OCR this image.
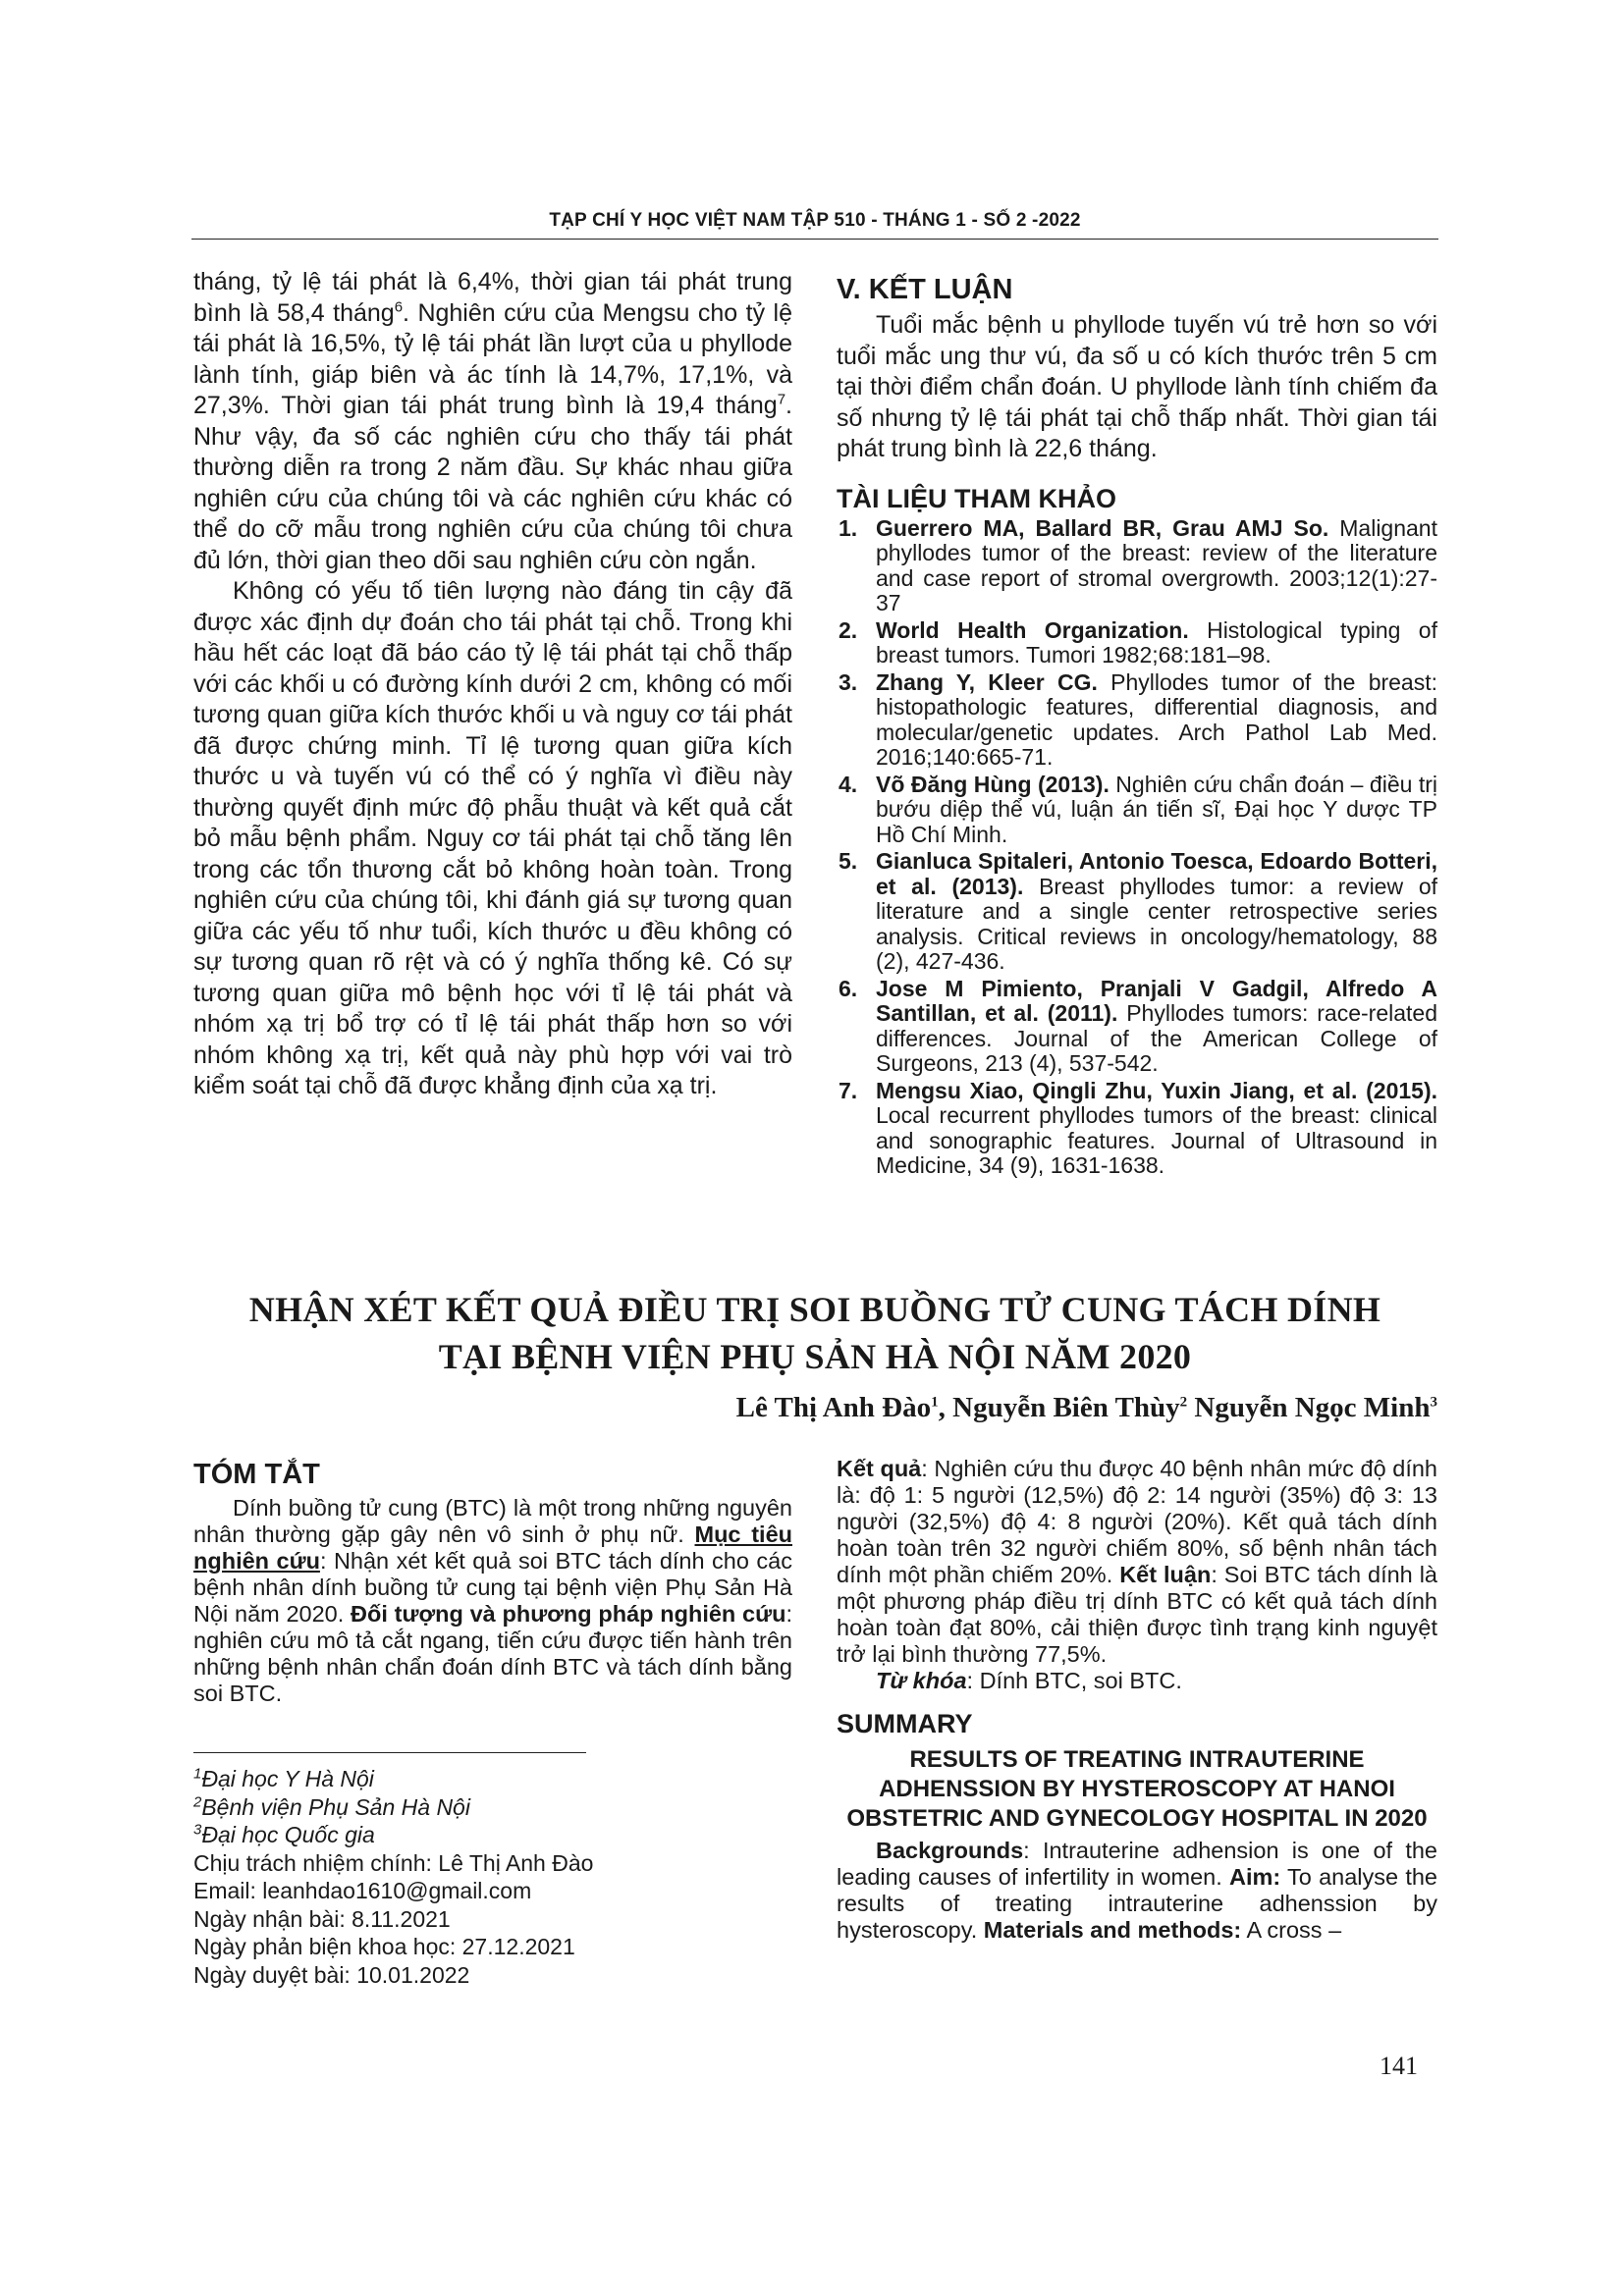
TẠP CHÍ Y HỌC VIỆT NAM TẬP 510 - THÁNG 1 - SỐ 2 -2022

tháng, tỷ lệ tái phát là 6,4%, thời gian tái phát trung bình là 58,4 tháng$^6$. Nghiên cứu của Mengsu cho tỷ lệ tái phát là 16,5%, tỷ lệ tái phát lần lượt của u phyllode lành tính, giáp biên và ác tính là 14,7%, 17,1%, và 27,3%. Thời gian tái phát trung bình là 19,4 tháng$^7$. Như vậy, đa số các nghiên cứu cho thấy tái phát thường diễn ra trong 2 năm đầu. Sự khác nhau giữa nghiên cứu của chúng tôi và các nghiên cứu khác có thể do cỡ mẫu trong nghiên cứu của chúng tôi chưa đủ lớn, thời gian theo dõi sau nghiên cứu còn ngắn.

Không có yếu tố tiên lượng nào đáng tin cậy đã được xác định dự đoán cho tái phát tại chỗ. Trong khi hầu hết các loạt đã báo cáo tỷ lệ tái phát tại chỗ thấp với các khối u có đường kính dưới 2 cm, không có mối tương quan giữa kích thước khối u và nguy cơ tái phát đã được chứng minh. Tỉ lệ tương quan giữa kích thước u và tuyến vú có thể có ý nghĩa vì điều này thường quyết định mức độ phẫu thuật và kết quả cắt bỏ mẫu bệnh phẩm. Nguy cơ tái phát tại chỗ tăng lên trong các tổn thương cắt bỏ không hoàn toàn. Trong nghiên cứu của chúng tôi, khi đánh giá sự tương quan giữa các yếu tố như tuổi, kích thước u đều không có sự tương quan rõ rệt và có ý nghĩa thống kê. Có sự tương quan giữa mô bệnh học với tỉ lệ tái phát và nhóm xạ trị bổ trợ có tỉ lệ tái phát thấp hơn so với nhóm không xạ trị, kết quả này phù hợp với vai trò kiểm soát tại chỗ đã được khẳng định của xạ trị.

V. KẾT LUẬN

Tuổi mắc bệnh u phyllode tuyến vú trẻ hơn so với tuổi mắc ung thư vú, đa số u có kích thước trên 5 cm tại thời điểm chẩn đoán. U phyllode lành tính chiếm đa số nhưng tỷ lệ tái phát tại chỗ thấp nhất. Thời gian tái phát trung bình là 22,6 tháng.

TÀI LIỆU THAM KHẢO
1. Guerrero MA, Ballard BR, Grau AMJ So. Malignant phyllodes tumor of the breast: review of the literature and case report of stromal overgrowth. 2003;12(1):27-37
2. World Health Organization. Histological typing of breast tumors. Tumori 1982;68:181–98.
3. Zhang Y, Kleer CG. Phyllodes tumor of the breast: histopathologic features, differential diagnosis, and molecular/genetic updates. Arch Pathol Lab Med. 2016;140:665-71.
4. Võ Đăng Hùng (2013). Nghiên cứu chẩn đoán – điều trị bướu diệp thể vú, luận án tiến sĩ, Đại học Y dược TP Hồ Chí Minh.
5. Gianluca Spitaleri, Antonio Toesca, Edoardo Botteri, et al. (2013). Breast phyllodes tumor: a review of literature and a single center retrospective series analysis. Critical reviews in oncology/hematology, 88 (2), 427-436.
6. Jose M Pimiento, Pranjali V Gadgil, Alfredo A Santillan, et al. (2011). Phyllodes tumors: race-related differences. Journal of the American College of Surgeons, 213 (4), 537-542.
7. Mengsu Xiao, Qingli Zhu, Yuxin Jiang, et al. (2015). Local recurrent phyllodes tumors of the breast: clinical and sonographic features. Journal of Ultrasound in Medicine, 34 (9), 1631-1638.
NHẬN XÉT KẾT QUẢ ĐIỀU TRỊ SOI BUỒNG TỬ CUNG TÁCH DÍNH
TẠI BỆNH VIỆN PHỤ SẢN HÀ NỘI NĂM 2020
Lê Thị Anh Đào$^1$, Nguyễn Biên Thùy$^2$ Nguyễn Ngọc Minh$^3$
TÓM TẮT

Dính buồng tử cung (BTC) là một trong những nguyên nhân thường gặp gây nên vô sinh ở phụ nữ. Mục tiêu nghiên cứu: Nhận xét kết quả soi BTC tách dính cho các bệnh nhân dính buồng tử cung tại bệnh viện Phụ Sản Hà Nội năm 2020. Đối tượng và phương pháp nghiên cứu: nghiên cứu mô tả cắt ngang, tiến cứu được tiến hành trên những bệnh nhân chẩn đoán dính BTC và tách dính bằng soi BTC.

Kết quả: Nghiên cứu thu được 40 bệnh nhân mức độ dính là: độ 1: 5 người (12,5%) độ 2: 14 người (35%) độ 3: 13 người (32,5%) độ 4: 8 người (20%). Kết quả tách dính hoàn toàn trên 32 người chiếm 80%, số bệnh nhân tách dính một phần chiếm 20%. Kết luận: Soi BTC tách dính là một phương pháp điều trị dính BTC có kết quả tách dính hoàn toàn đạt 80%, cải thiện được tình trạng kinh nguyệt trở lại bình thường 77,5%.

Từ khóa: Dính BTC, soi BTC.

SUMMARY
RESULTS OF TREATING INTRAUTERINE ADHENSSION BY HYSTEROSCOPY AT HANOI OBSTETRIC AND GYNECOLOGY HOSPITAL IN 2020

Backgrounds: Intrauterine adhension is one of the leading causes of infertility in women. Aim: To analyse the results of treating intrauterine adhenssion by hysteroscopy. Materials and methods: A cross –

$^1$Đại học Y Hà Nội
$^2$Bệnh viện Phụ Sản Hà Nội
$^3$Đại học Quốc gia
Chịu trách nhiệm chính: Lê Thị Anh Đào
Email: leanhdao1610@gmail.com
Ngày nhận bài: 8.11.2021
Ngày phản biện khoa học: 27.12.2021
Ngày duyệt bài: 10.01.2022
141
